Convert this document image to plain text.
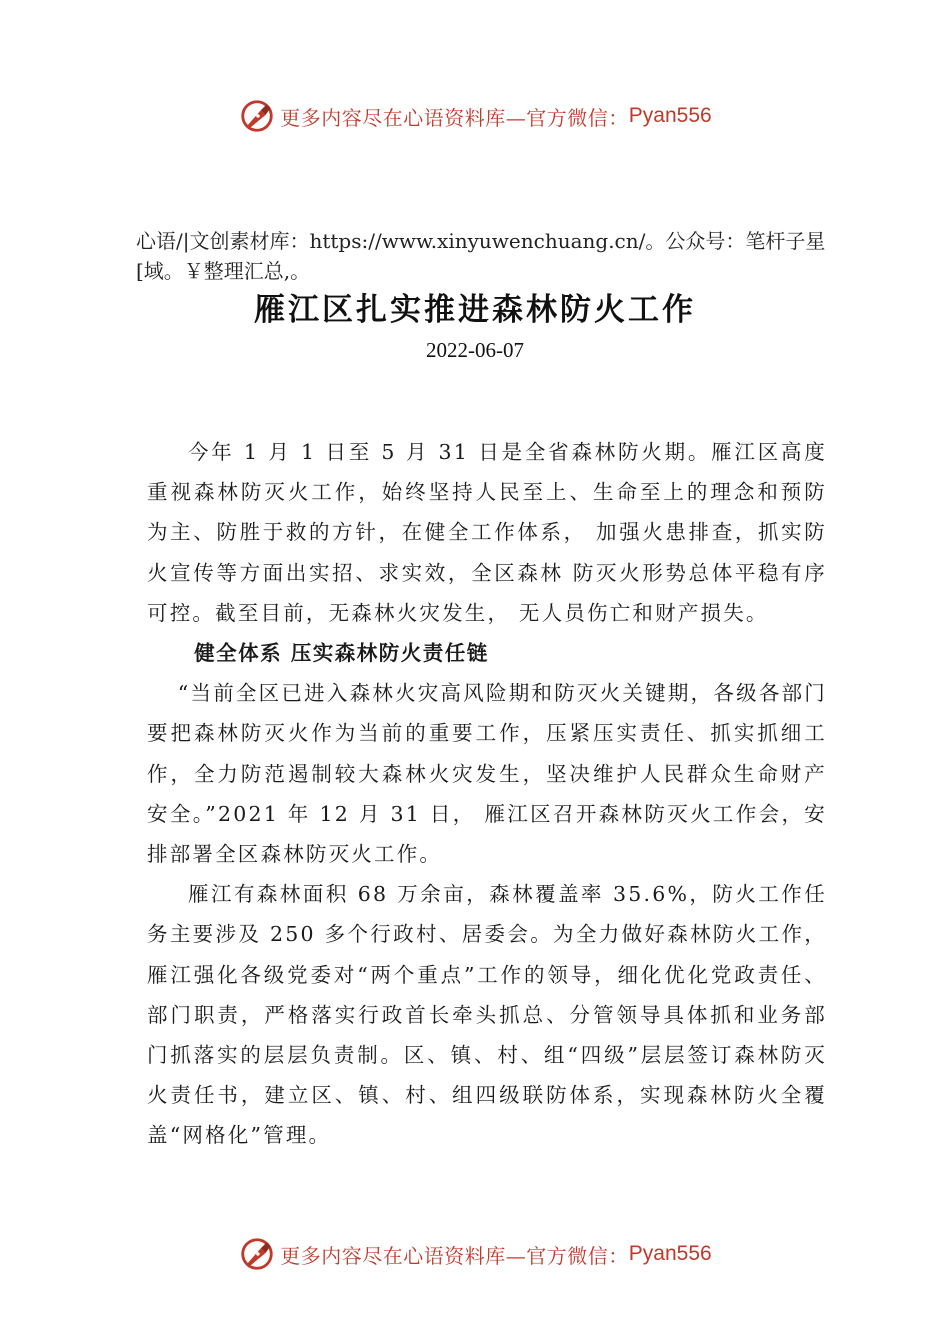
更多内容尽在心语资料库—官方微信： Pyan556
心语/|文创素材库：https://www.xinyuwenchuang.cn/。公众号：笔杆子星[域。￥整理汇总,。
雁江区扎实推进森林防火工作
2022-06-07

今年 1 月 1 日至 5 月 31 日是全省森林防火期。雁江区高度重视森林防灭火工作，始终坚持人民至上、生命至上的理念和预防为主、防胜于救的方针，在健全工作体系， 加强火患排查，抓实防火宣传等方面出实招、求实效，全区森林 防灭火形势总体平稳有序可控。截至目前，无森林火灾发生， 无人员伤亡和财产损失。

健全体系 压实森林防火责任链

“当前全区已进入森林火灾高风险期和防灭火关键期，各级各部门要把森林防灭火作为当前的重要工作，压紧压实责任、抓实抓细工作，全力防范遏制较大森林火灾发生，坚决维护人民群众生命财产安全。”2021 年 12 月 31 日， 雁江区召开森林防灭火工作会，安排部署全区森林防灭火工作。

雁江有森林面积 68 万余亩，森林覆盖率 35.6%，防火工作任务主要涉及 250 多个行政村、居委会。为全力做好森林防火工作，雁江强化各级党委对“两个重点”工作的领导，细化优化党政责任、部门职责，严格落实行政首长牵头抓总、分管领导具体抓和业务部门抓落实的层层负责制。区、镇、村、组“四级”层层签订森林防灭火责任书，建立区、镇、村、组四级联防体系，实现森林防火全覆盖“网格化”管理。

更多内容尽在心语资料库—官方微信： Pyan556
